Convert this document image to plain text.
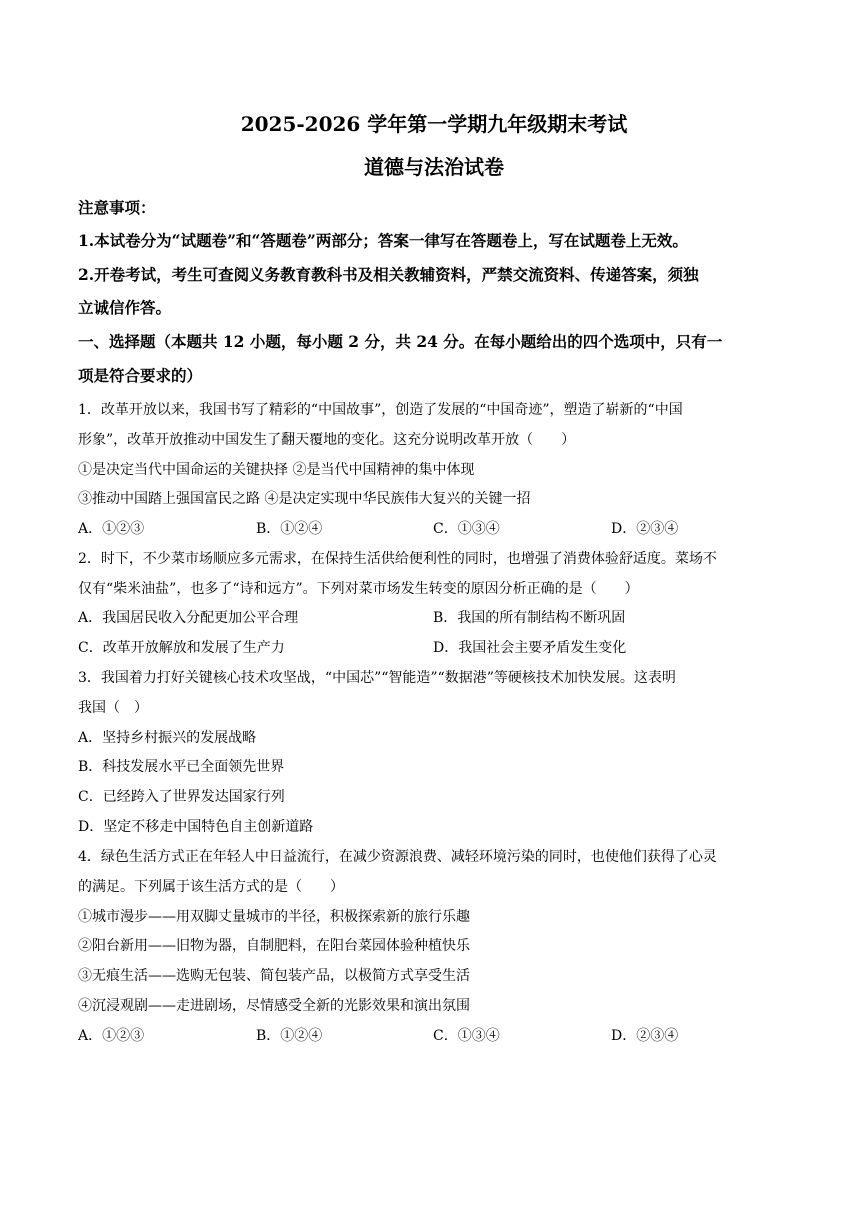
2025-2026 学年第一学期九年级期末考试
道德与法治试卷
注意事项：
1.本试卷分为“试题卷”和“答题卷”两部分；答案一律写在答题卷上，写在试题卷上无效。
2.开卷考试，考生可查阅义务教育教科书及相关教辅资料，严禁交流资料、传递答案，须独
立诚信作答。
一、选择题（本题共 12 小题，每小题 2 分，共 24 分。在每小题给出的四个选项中，只有一
项是符合要求的）
1．改革开放以来，我国书写了精彩的“中国故事”，创造了发展的“中国奇迹”，塑造了崭新的“中国
形象”，改革开放推动中国发生了翻天覆地的变化。这充分说明改革开放（　　）
①是决定当代中国命运的关键抉择 ②是当代中国精神的集中体现
③推动中国踏上强国富民之路 ④是决定实现中华民族伟大复兴的关键一招
A．①②③	B．①②④	C．①③④	D．②③④
2．时下，不少菜市场顺应多元需求，在保持生活供给便利性的同时，也增强了消费体验舒适度。菜场不
仅有“柴米油盐”，也多了“诗和远方”。下列对菜市场发生转变的原因分析正确的是（　　）
A．我国居民收入分配更加公平合理	B．我国的所有制结构不断巩固
C．改革开放解放和发展了生产力	D．我国社会主要矛盾发生变化
3．我国着力打好关键核心技术攻坚战，“中国芯”“智能造”“数据港”等硬核技术加快发展。这表明
我国（　）
A．坚持乡村振兴的发展战略
B．科技发展水平已全面领先世界
C．已经跨入了世界发达国家行列
D．坚定不移走中国特色自主创新道路
4．绿色生活方式正在年轻人中日益流行，在减少资源浪费、减轻环境污染的同时，也使他们获得了心灵
的满足。下列属于该生活方式的是（　　）
①城市漫步——用双脚丈量城市的半径，积极探索新的旅行乐趣
②阳台新用——旧物为器，自制肥料，在阳台菜园体验种植快乐
③无痕生活——选购无包装、简包装产品，以极简方式享受生活
④沉浸观剧——走进剧场，尽情感受全新的光影效果和演出氛围
A．①②③	B．①②④	C．①③④	D．②③④
